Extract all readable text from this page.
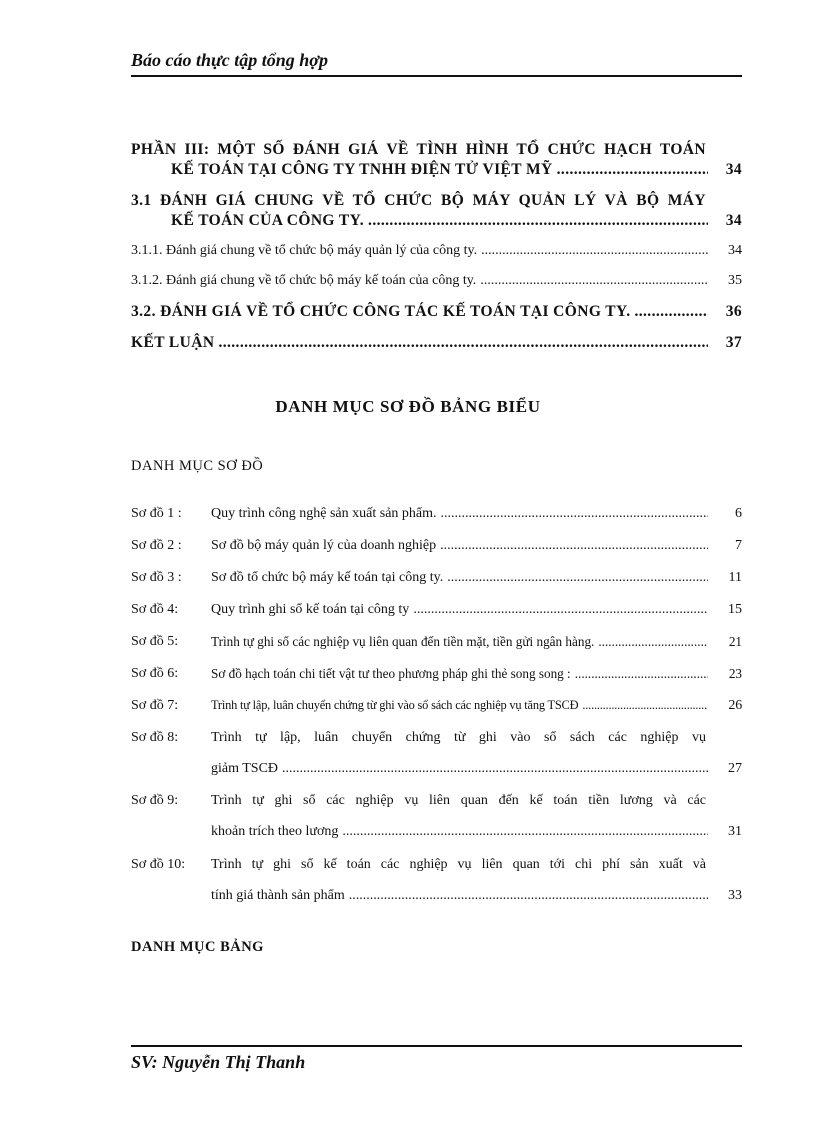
Báo cáo thực tập tổng hợp
PHẦN III: MỘT SỐ ĐÁNH GIÁ VỀ TÌNH HÌNH TỔ CHỨC HẠCH TOÁN
KẾ TOÁN TẠI CÔNG TY TNHH ĐIỆN TỬ VIỆT MỸ .....	34
3.1 ĐÁNH GIÁ CHUNG VỀ TỔ CHỨC BỘ MÁY QUẢN LÝ VÀ BỘ MÁY
KẾ TOÁN CỦA CÔNG TY. .....	34
3.1.1. Đánh giá chung về tổ chức bộ máy quản lý của công ty. .....	34
3.1.2. Đánh giá chung về tổ chức bộ máy kế toán của công ty. .....	35
3.2. ĐÁNH GIÁ VỀ TỔ CHỨC CÔNG TÁC KẾ TOÁN TẠI CÔNG TY. .....	36
KẾT LUẬN .....	37
DANH MỤC SƠ ĐỒ BẢNG BIỂU
DANH MỤC SƠ ĐỒ
Sơ đồ 1 : Quy trình công nghệ sản xuất sản phẩm. .....	6
Sơ đồ 2 : Sơ đồ bộ máy quản lý của doanh nghiệp .....	7
Sơ đồ 3 : Sơ đồ tổ chức bộ máy kế toán tại công ty. .....	11
Sơ đồ 4: Quy trình ghi sổ kế toán tại công ty .....	15
Sơ đồ 5: Trình tự ghi sổ các nghiệp vụ liên quan đến tiền mặt, tiền gửi ngân hàng. .....	21
Sơ đồ 6: Sơ đồ hạch toán chi tiết vật tư theo phương pháp ghi thẻ song song : .....	23
Sơ đồ 7:	Trình tự lập, luân chuyển chứng từ ghi vào sổ sách các nghiệp vụ tăng TSCĐ .....	26
Sơ đồ 8: Trình tự lập, luân chuyển chứng từ ghi vào sổ sách các nghiệp vụ
giảm TSCĐ .....	27
Sơ đồ 9: Trình tự ghi sổ các nghiệp vụ liên quan đến kế toán tiền lương và các
khoản trích theo lương .....	31
Sơ đồ 10: Trình tự ghi sổ kế toán các nghiệp vụ liên quan tới chi phí sản xuất và
tính giá thành sản phẩm .....	33
DANH MỤC BẢNG
SV: Nguyễn Thị Thanh
